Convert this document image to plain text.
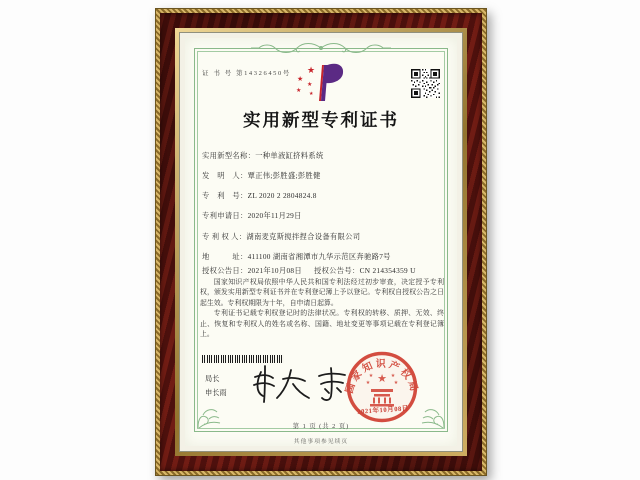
证 书 号 第14326450号 ★
★
★
★
★
实用新型专利证书
实用新型名称：一种单液缸挤料系统
发　明　人：覃正伟;彭胜盛;彭胜健
专　利　号：ZL 2020 2 2804824.8
专利申请日：2020年11月29日
专 利 权 人：湖南麦克斯搅拌捏合设备有限公司
地　　　址：411100 湖南省湘潭市九华示范区奔驰路7号
授权公告日：2021年10月08日 授权公告号：CN 214354359 U

国家知识产权局依照中华人民共和国专利法经过初步审查，决定授予专利权，颁发实用新型专利证书并在专利登记簿上予以登记。专利权自授权公告之日起生效。专利权期限为十年，自申请日起算。

专利证书记载专利权登记时的法律状况。专利权的转移、质押、无效、终止、恢复和专利权人的姓名或名称、国籍、地址变更等事项记载在专利登记簿上。

局长
申长雨	国家知识产权局
★
★	★
★	★
2021年10月08日
第 1 页 (共 2 页)
其他事项参见续页
